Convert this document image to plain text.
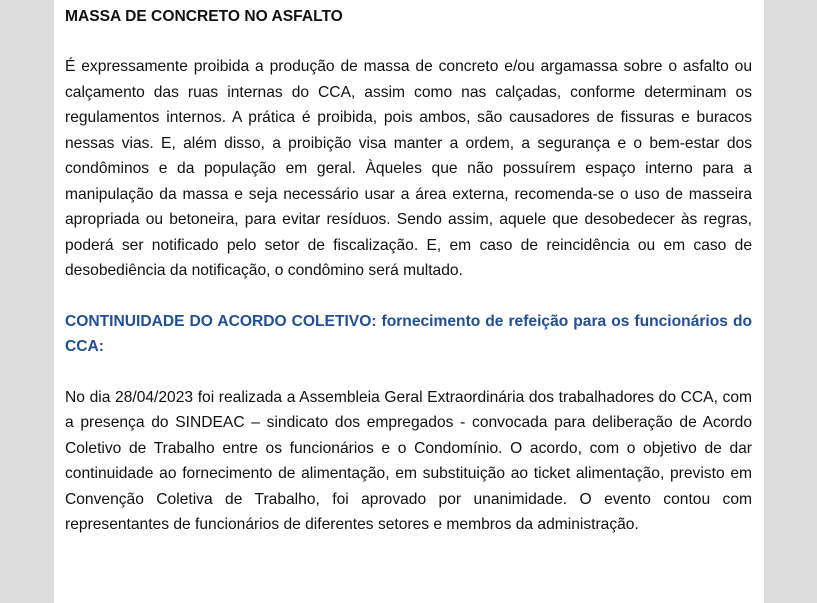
MASSA DE CONCRETO NO ASFALTO

É expressamente proibida a produção de massa de concreto e/ou argamassa sobre o asfalto ou calçamento das ruas internas do CCA, assim como nas calçadas, conforme determinam os regulamentos internos. A prática é proibida, pois ambos, são causadores de fissuras e buracos nessas vias. E, além disso, a proibição visa manter a ordem, a segurança e o bem-estar dos condôminos e da população em geral. Àqueles que não possuírem espaço interno para a manipulação da massa e seja necessário usar a área externa, recomenda-se o uso de masseira apropriada ou betoneira, para evitar resíduos. Sendo assim, aquele que desobedecer às regras, poderá ser notificado pelo setor de fiscalização. E, em caso de reincidência ou em caso de desobediência da notificação, o condômino será multado.

CONTINUIDADE DO ACORDO COLETIVO: fornecimento de refeição para os funcionários do CCA:

No dia 28/04/2023 foi realizada a Assembleia Geral Extraordinária dos trabalhadores do CCA, com a presença do SINDEAC – sindicato dos empregados - convocada para deliberação de Acordo Coletivo de Trabalho entre os funcionários e o Condomínio. O acordo, com o objetivo de dar continuidade ao fornecimento de alimentação, em substituição ao ticket alimentação, previsto em Convenção Coletiva de Trabalho, foi aprovado por unanimidade. O evento contou com representantes de funcionários de diferentes setores e membros da administração.
